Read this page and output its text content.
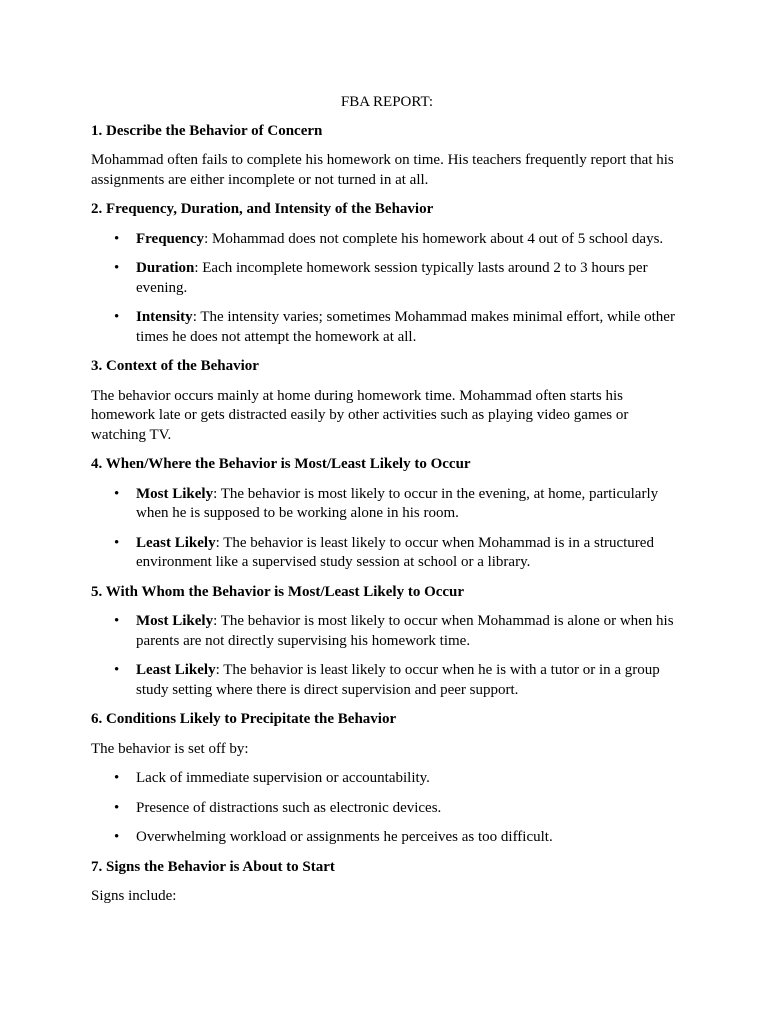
FBA REPORT:
1. Describe the Behavior of Concern

Mohammad often fails to complete his homework on time. His teachers frequently report that his assignments are either incomplete or not turned in at all.

2. Frequency, Duration, and Intensity of the Behavior
• Frequency: Mohammad does not complete his homework about 4 out of 5 school days.
• Duration: Each incomplete homework session typically lasts around 2 to 3 hours per evening.
• Intensity: The intensity varies; sometimes Mohammad makes minimal effort, while other times he does not attempt the homework at all.
3. Context of the Behavior

The behavior occurs mainly at home during homework time. Mohammad often starts his homework late or gets distracted easily by other activities such as playing video games or watching TV.

4. When/Where the Behavior is Most/Least Likely to Occur
• Most Likely: The behavior is most likely to occur in the evening, at home, particularly when he is supposed to be working alone in his room.
• Least Likely: The behavior is least likely to occur when Mohammad is in a structured environment like a supervised study session at school or a library.
5. With Whom the Behavior is Most/Least Likely to Occur
• Most Likely: The behavior is most likely to occur when Mohammad is alone or when his parents are not directly supervising his homework time.
• Least Likely: The behavior is least likely to occur when he is with a tutor or in a group study setting where there is direct supervision and peer support.
6. Conditions Likely to Precipitate the Behavior

The behavior is set off by:

• Lack of immediate supervision or accountability.
• Presence of distractions such as electronic devices.
• Overwhelming workload or assignments he perceives as too difficult.
7. Signs the Behavior is About to Start

Signs include:
